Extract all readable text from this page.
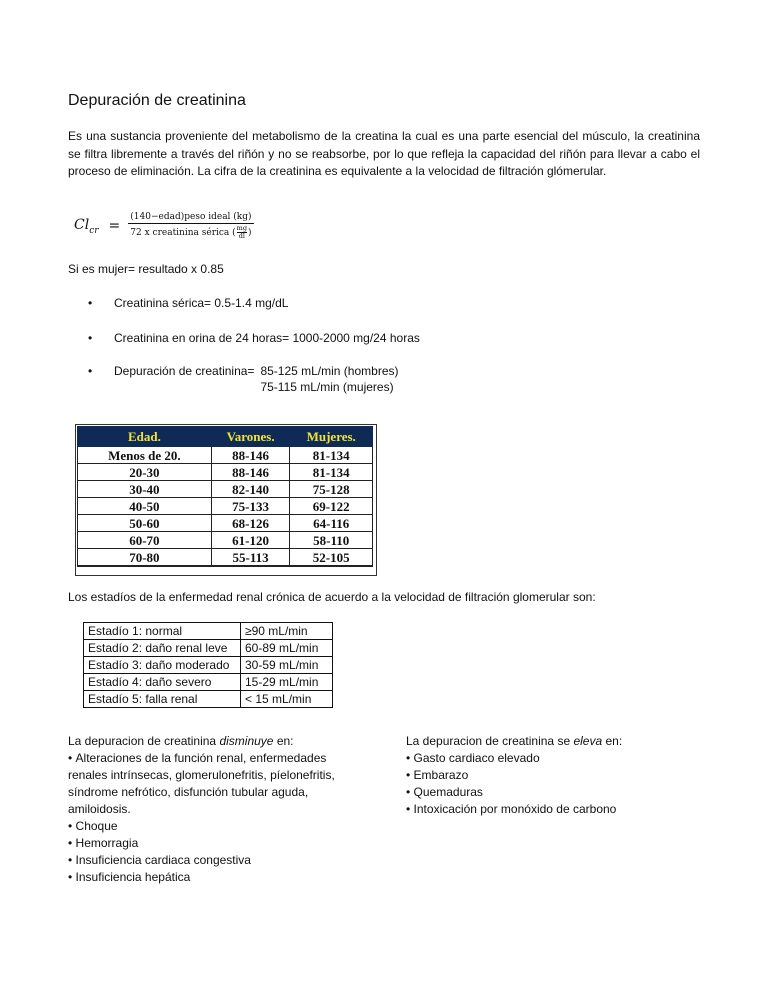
Depuración de creatinina

Es una sustancia proveniente del metabolismo de la creatina la cual es una parte esencial del músculo, la creatinina se filtra libremente a través del riñón y no se reabsorbe, por lo que refleja la capacidad del riñón para llevar a cabo el proceso de eliminación. La cifra de la creatinina es equivalente a la velocidad de filtración glómerular.

$Cl_{cr}$ =
(140−edad)peso ideal (kg)
72 x creatinina sérica ( mg
dl )

Si es mujer= resultado x 0.85

• Creatinina sérica= 0.5-1.4 mg/dL
• Creatinina en orina de 24 horas= 1000-2000 mg/24 horas
• Depuración de creatinina= 85-125 mL/min (hombres)
75-115 mL/min (mujeres)
Edad.	Varones.	Mujeres.
Menos de 20.	88-146	81-134
20-30	88-146	81-134
30-40	82-140	75-128
40-50	75-133	69-122
50-60	68-126	64-116
60-70	61-120	58-110
70-80	55-113	52-105

Los estadíos de la enfermedad renal crónica de acuerdo a la velocidad de filtración glomerular son:

Estadío 1: normal	≥90 mL/min
Estadío 2: daño renal leve	60-89 mL/min
Estadío 3: daño moderado	30-59 mL/min
Estadío 4: daño severo	15-29 mL/min
Estadío 5: falla renal	< 15 mL/min

La depuracion de creatinina disminuye en:

• Alteraciones de la función renal, enfermedades renales intrínsecas, glomerulonefritis, píelonefritis, síndrome nefrótico, disfunción tubular aguda, amiloidosis.
• Choque
• Hemorragia
• Insuficiencia cardiaca congestiva
• Insuficiencia hepática

La depuracion de creatinina se eleva en:

• Gasto cardiaco elevado
• Embarazo
• Quemaduras
• Intoxicación por monóxido de carbono
